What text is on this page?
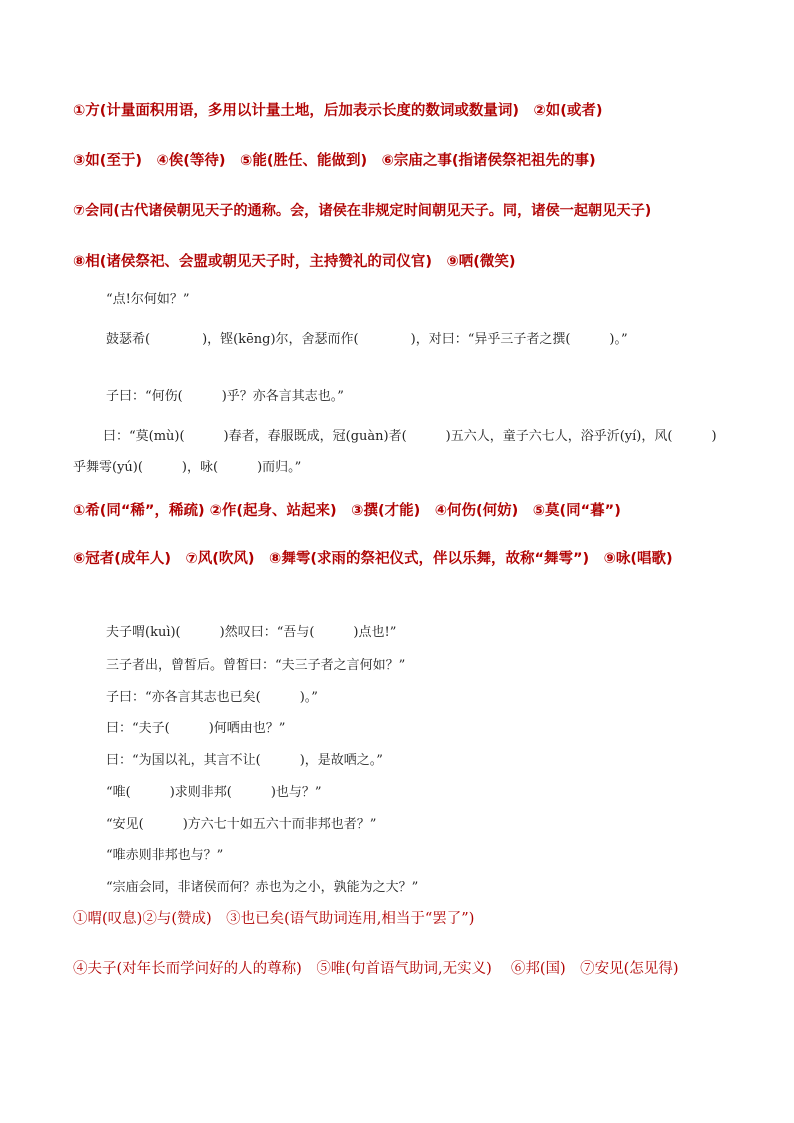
①方(计量面积用语，多用以计量土地，后加表示长度的数词或数量词)　②如(或者)
③如(至于)　④俟(等待)　⑤能(胜任、能做到)　⑥宗庙之事(指诸侯祭祀祖先的事)
⑦会同(古代诸侯朝见天子的通称。会，诸侯在非规定时间朝见天子。同，诸侯一起朝见天子)
⑧相(诸侯祭祀、会盟或朝见天子时，主持赞礼的司仪官)　⑨哂(微笑)
“点!尔何如？”
鼓瑟希(　　　　)，铿(kēng)尔，舍瑟而作(　　　　)，对曰：“异乎三子者之撰(　　　)。”
子曰：“何伤(　　　)乎？亦各言其志也。”
曰：“莫(mù)(　　　)春者，春服既成，冠(guàn)者(　　　)五六人，童子六七人，浴乎沂(yí)，风(　　　)乎舞雩(yú)(　　　)，咏(　　　)而归。”
①希(同“稀”，稀疏) ②作(起身、站起来)　③撰(才能)　④何伤(何妨)　⑤莫(同“暮”)
⑥冠者(成年人)　⑦风(吹风)　⑧舞雩(求雨的祭祀仪式，伴以乐舞，故称“舞雩”)　⑨咏(唱歌)
夫子喟(kuì)(　　　)然叹曰：“吾与(　　　)点也!”
三子者出，曾皙后。曾皙曰：“夫三子者之言何如？”
子曰：“亦各言其志也已矣(　　　)。”
曰：“夫子(　　　)何哂由也？”
曰：“为国以礼，其言不让(　　　)，是故哂之。”
“唯(　　　)求则非邦(　　　)也与？”
“安见(　　　)方六七十如五六十而非邦也者？”
“唯赤则非邦也与？”
“宗庙会同，非诸侯而何？赤也为之小，孰能为之大？”
①喟(叹息)②与(赞成)　③也已矣(语气助词连用,相当于“罢了”)
④夫子(对年长而学问好的人的尊称)　⑤唯(句首语气助词,无实义)　 ⑥邦(国)　⑦安见(怎见得)
